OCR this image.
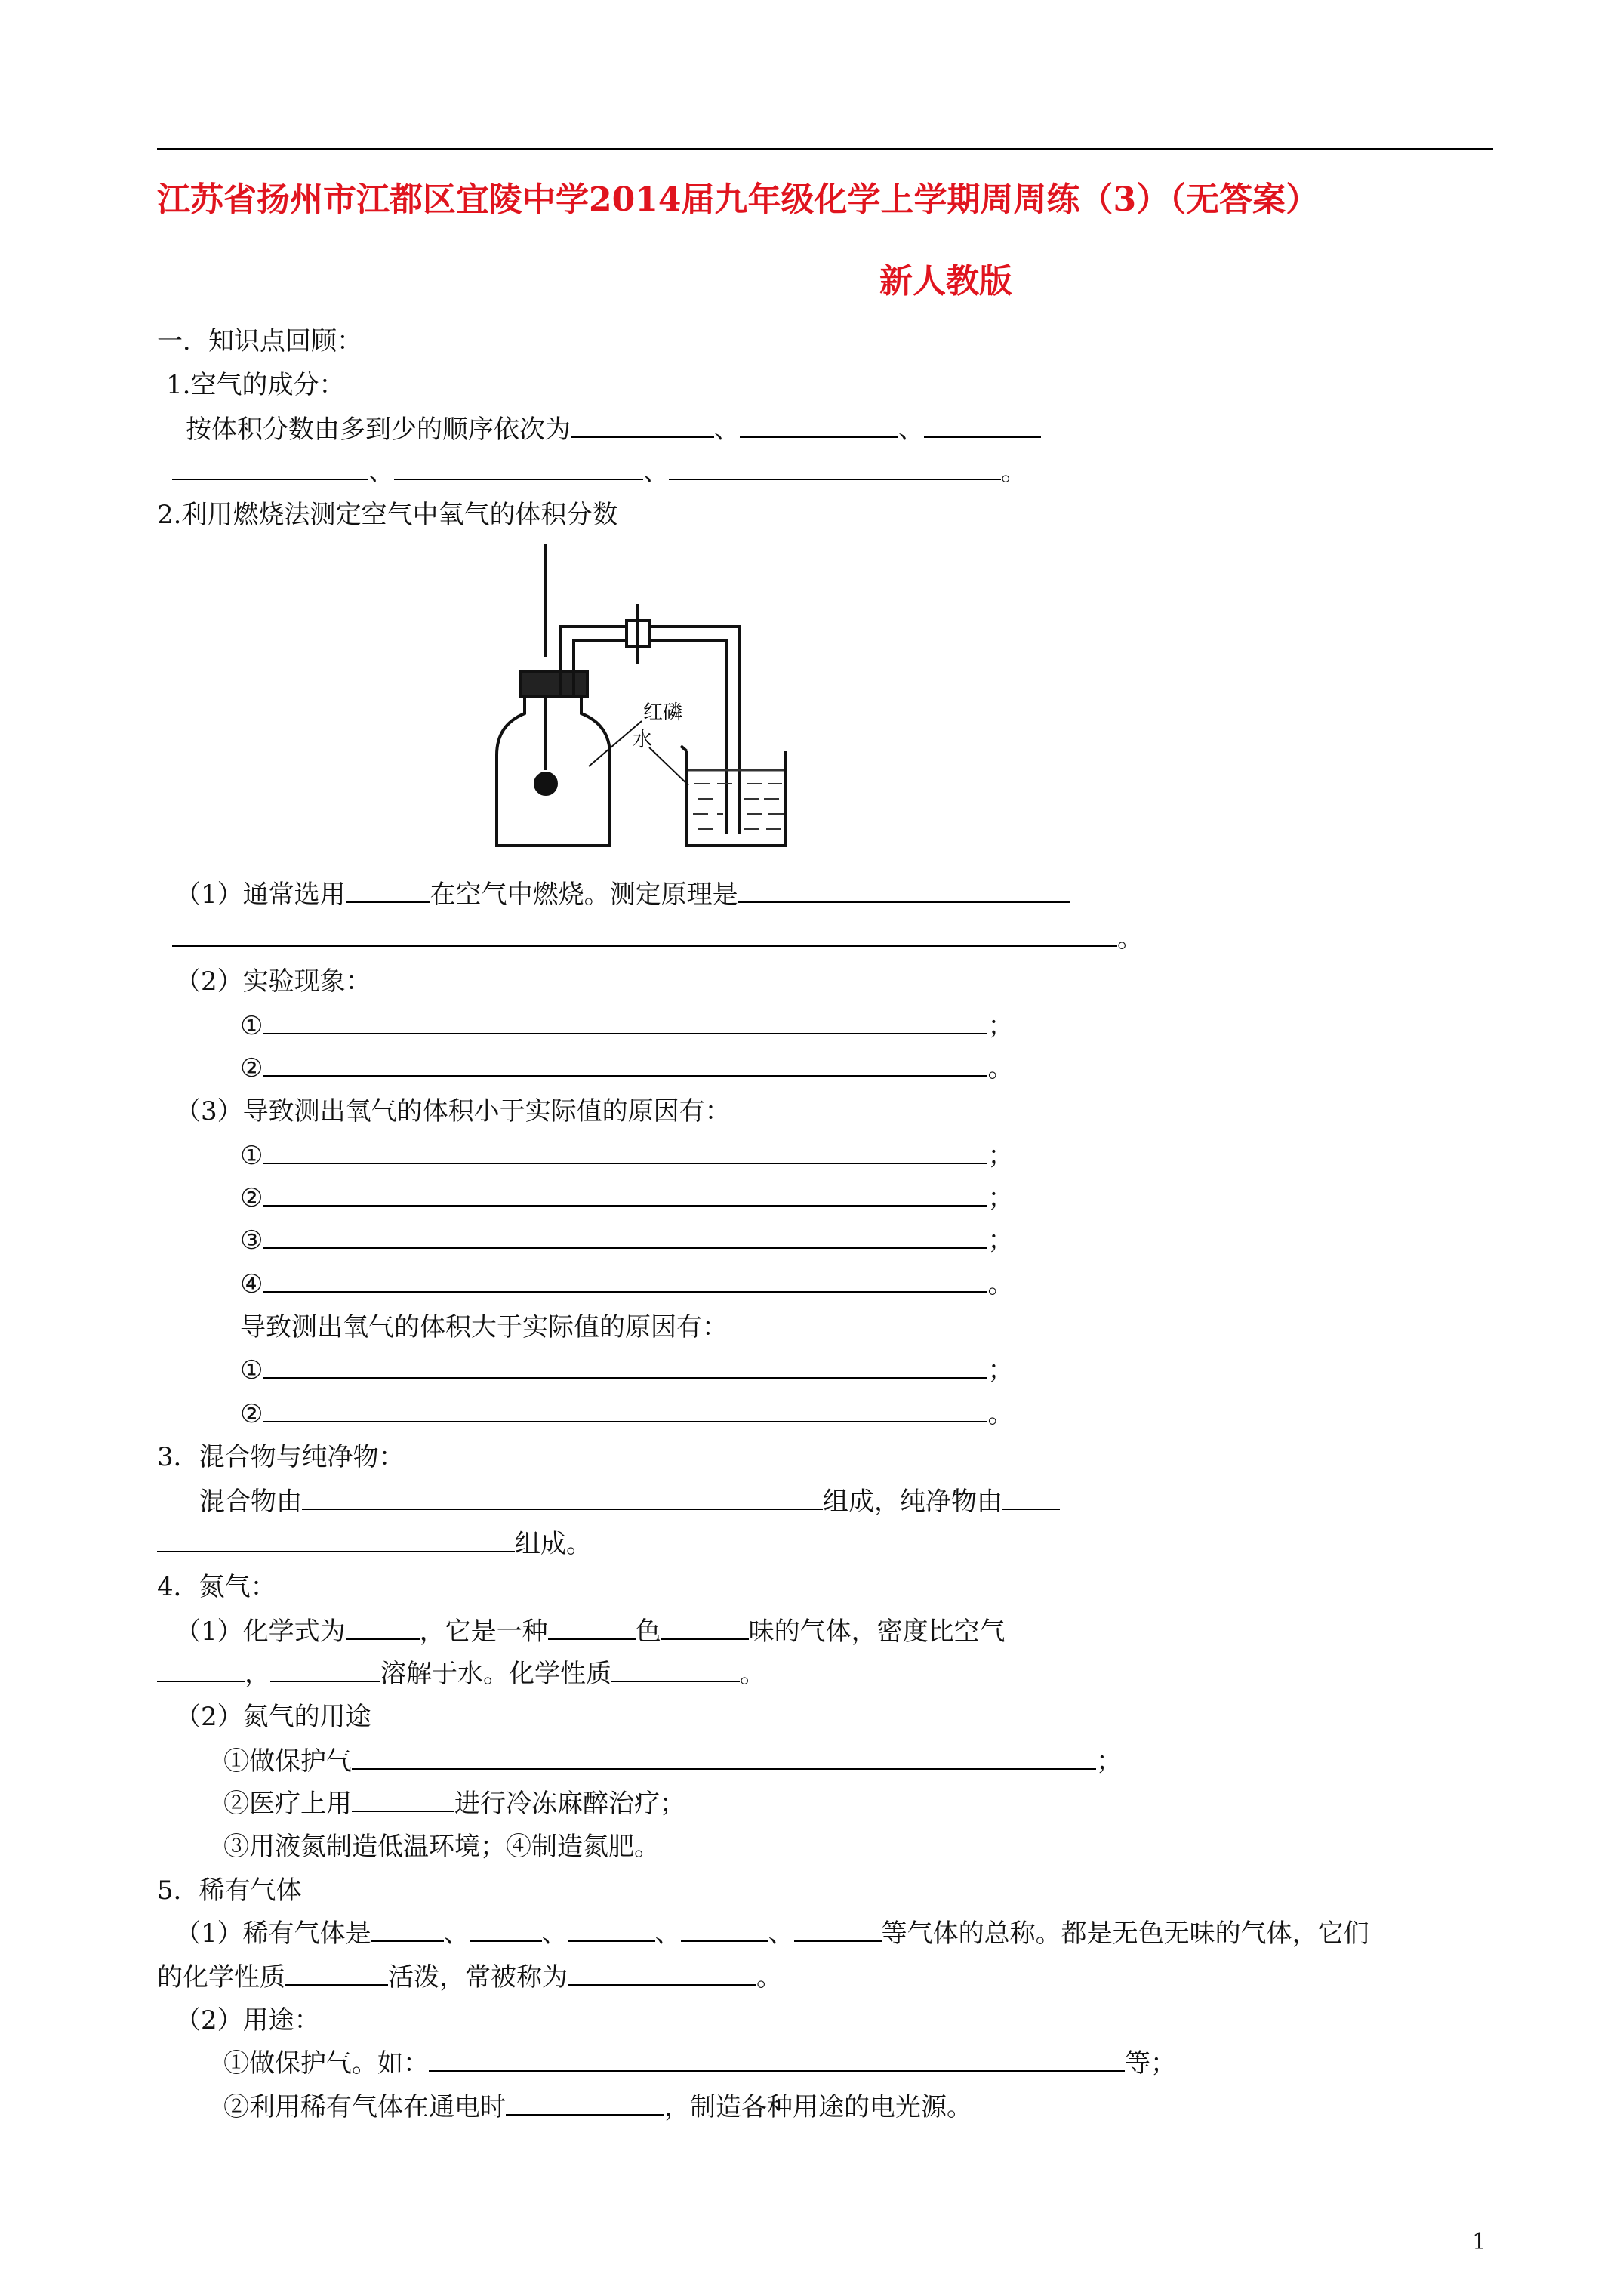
江苏省扬州市江都区宜陵中学2014届九年级化学上学期周周练（3）（无答案）
新人教版
一．知识点回顾：
1.空气的成分：
按体积分数由多到少的顺序依次为	、	、
、	、	。
2.利用燃烧法测定空气中氧气的体积分数
红磷
水
（1）通常选用	在空气中燃烧。测定原理是
。
（2）实验现象：
①	；
②	。
（3）导致测出氧气的体积小于实际值的原因有：
①	；
②	；
③	；
④	。
导致测出氧气的体积大于实际值的原因有：
①	；
②	。
3．混合物与纯净物：
混合物由	组成，纯净物由
组成。
4．氮气：
（1）化学式为	，它是一种	色	味的气体，密度比空气
，	溶解于水。化学性质	。
（2）氮气的用途
①做保护气	；
②医疗上用	进行冷冻麻醉治疗；
③用液氮制造低温环境；④制造氮肥。
5．稀有气体
（1）稀有气体是	、	、	、	、	等气体的总称。都是无色无味的气体，它们
的化学性质	活泼，常被称为	。
（2）用途：
①做保护气。如：	等；
②利用稀有气体在通电时	，制造各种用途的电光源。
1
